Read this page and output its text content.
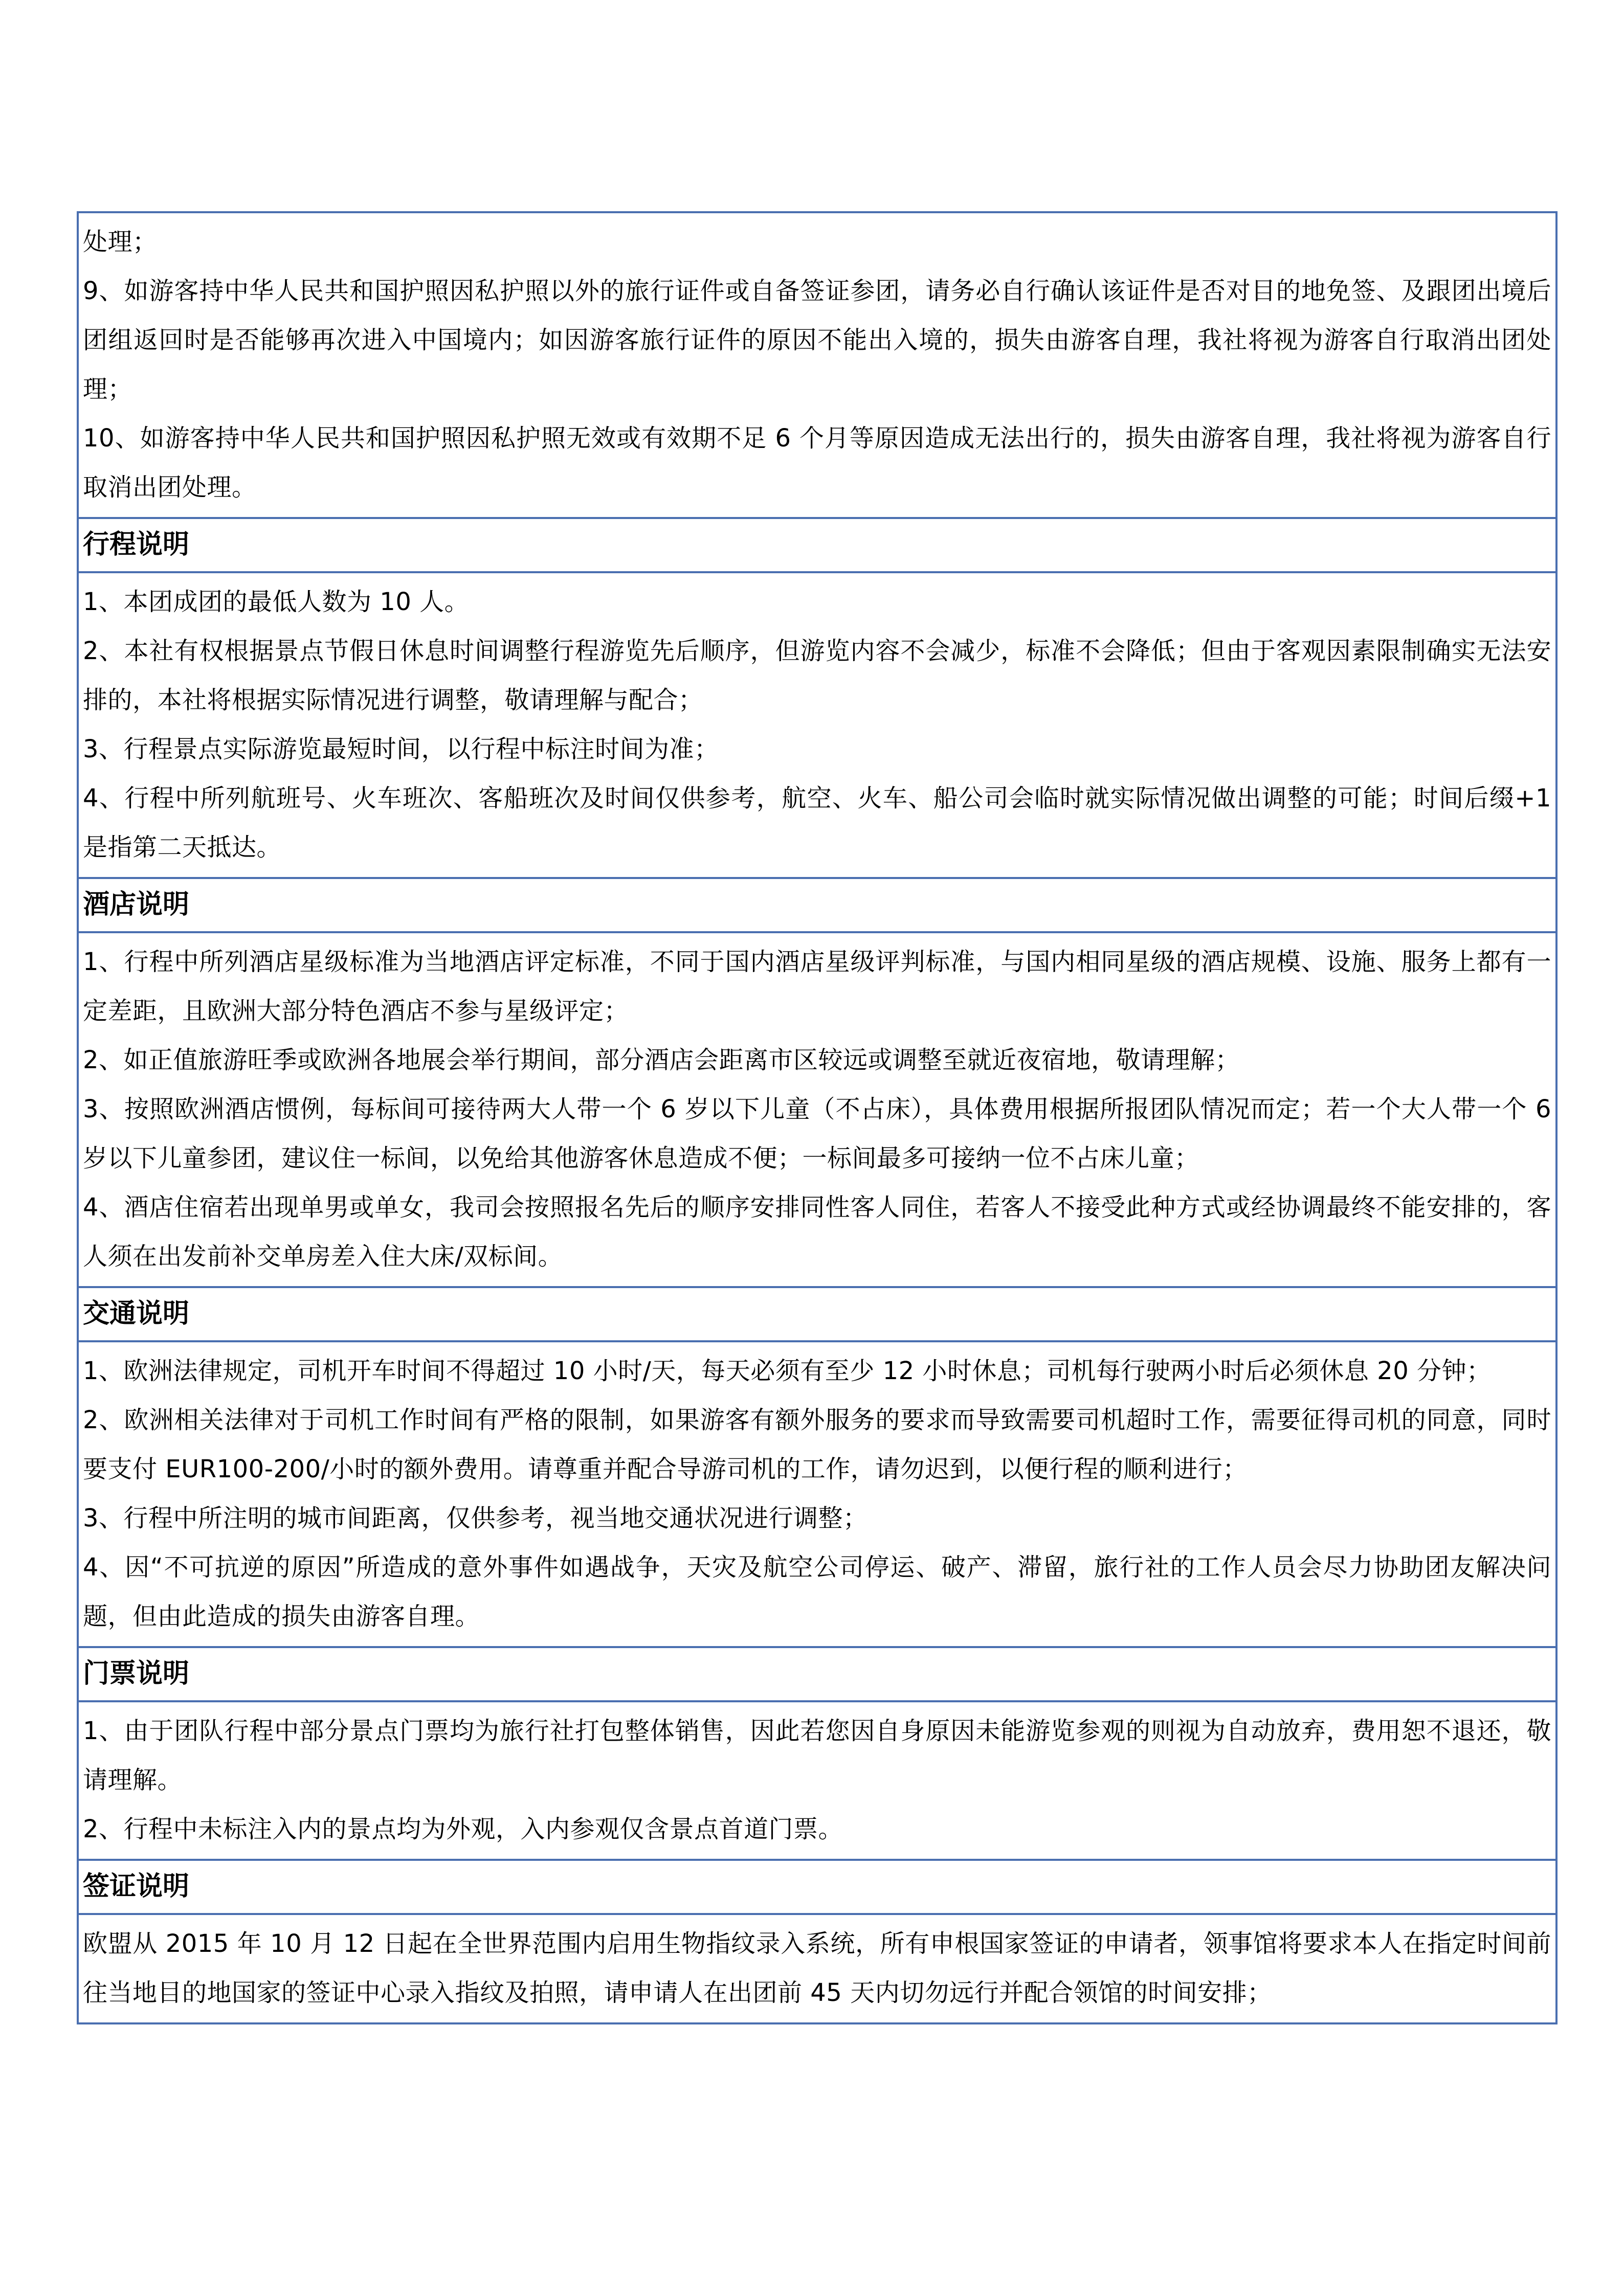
处理；

9、如游客持中华人民共和国护照因私护照以外的旅行证件或自备签证参团，请务必自行确认该证件是否对目的地免签、及跟团出境后团组返回时是否能够再次进入中国境内；如因游客旅行证件的原因不能出入境的，损失由游客自理，我社将视为游客自行取消出团处理；

10、如游客持中华人民共和国护照因私护照无效或有效期不足 6 个月等原因造成无法出行的，损失由游客自理，我社将视为游客自行取消出团处理。

行程说明

1、本团成团的最低人数为 10 人。

2、本社有权根据景点节假日休息时间调整行程游览先后顺序，但游览内容不会减少，标准不会降低；但由于客观因素限制确实无法安排的，本社将根据实际情况进行调整，敬请理解与配合；

3、行程景点实际游览最短时间，以行程中标注时间为准；

4、行程中所列航班号、火车班次、客船班次及时间仅供参考，航空、火车、船公司会临时就实际情况做出调整的可能；时间后缀+1 是指第二天抵达。

酒店说明

1、行程中所列酒店星级标准为当地酒店评定标准，不同于国内酒店星级评判标准，与国内相同星级的酒店规模、设施、服务上都有一定差距，且欧洲大部分特色酒店不参与星级评定；

2、如正值旅游旺季或欧洲各地展会举行期间，部分酒店会距离市区较远或调整至就近夜宿地，敬请理解；

3、按照欧洲酒店惯例，每标间可接待两大人带一个 6 岁以下儿童（不占床），具体费用根据所报团队情况而定；若一个大人带一个 6 岁以下儿童参团，建议住一标间，以免给其他游客休息造成不便；一标间最多可接纳一位不占床儿童；

4、酒店住宿若出现单男或单女，我司会按照报名先后的顺序安排同性客人同住，若客人不接受此种方式或经协调最终不能安排的，客人须在出发前补交单房差入住大床/双标间。

交通说明

1、欧洲法律规定，司机开车时间不得超过 10 小时/天，每天必须有至少 12 小时休息；司机每行驶两小时后必须休息 20 分钟；

2、欧洲相关法律对于司机工作时间有严格的限制，如果游客有额外服务的要求而导致需要司机超时工作，需要征得司机的同意，同时要支付 EUR100-200/小时的额外费用。请尊重并配合导游司机的工作，请勿迟到，以便行程的顺利进行；

3、行程中所注明的城市间距离，仅供参考，视当地交通状况进行调整；

4、因“不可抗逆的原因”所造成的意外事件如遇战争，天灾及航空公司停运、破产、滞留，旅行社的工作人员会尽力协助团友解决问题，但由此造成的损失由游客自理。

门票说明

1、由于团队行程中部分景点门票均为旅行社打包整体销售，因此若您因自身原因未能游览参观的则视为自动放弃，费用恕不退还，敬请理解。

2、行程中未标注入内的景点均为外观，入内参观仅含景点首道门票。

签证说明

欧盟从 2015 年 10 月 12 日起在全世界范围内启用生物指纹录入系统，所有申根国家签证的申请者，领事馆将要求本人在指定时间前往当地目的地国家的签证中心录入指纹及拍照，请申请人在出团前 45 天内切勿远行并配合领馆的时间安排；
